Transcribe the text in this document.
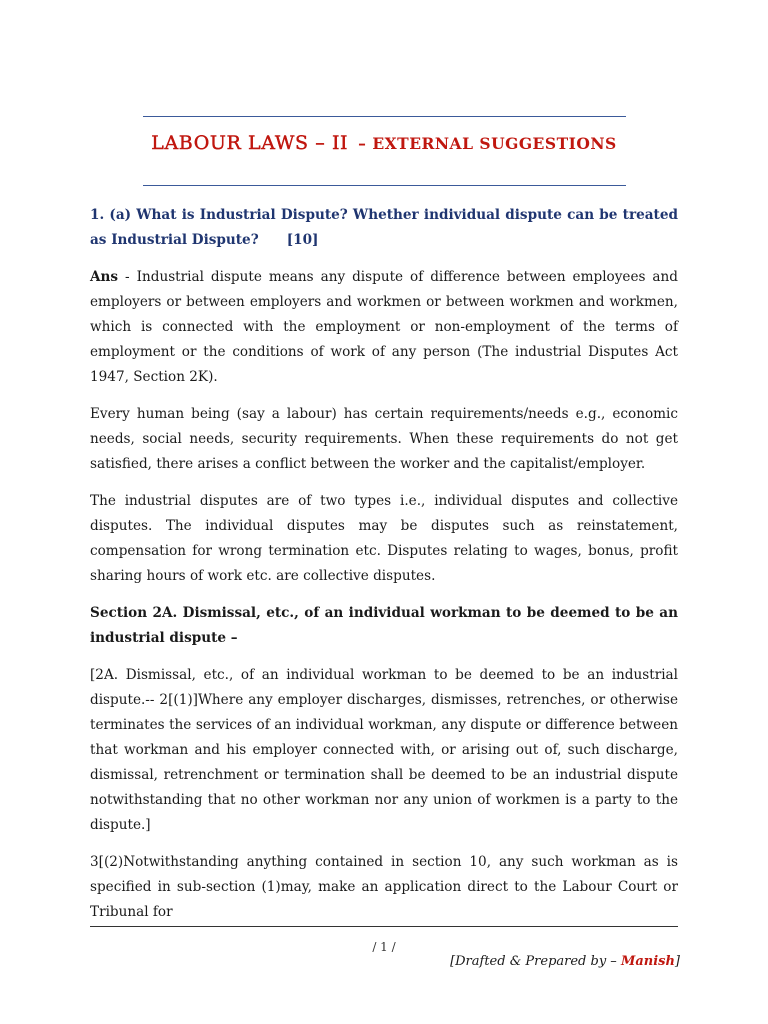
LABOUR LAWS – II – EXTERNAL SUGGESTIONS

1. (a) What is Industrial Dispute? Whether individual dispute can be treated as Industrial Dispute? [10]

Ans - Industrial dispute means any dispute of difference between employees and employers or between employers and workmen or between workmen and workmen, which is connected with the employment or non-employment of the terms of employment or the conditions of work of any person (The industrial Disputes Act 1947, Section 2K).

Every human being (say a labour) has certain requirements/needs e.g., economic needs, social needs, security requirements. When these requirements do not get satisfied, there arises a conflict between the worker and the capitalist/employer.

The industrial disputes are of two types i.e., individual disputes and collective disputes. The individual disputes may be disputes such as reinstatement, compensation for wrong termination etc. Disputes relating to wages, bonus, profit sharing hours of work etc. are collective disputes.

Section 2A. Dismissal, etc., of an individual workman to be deemed to be an industrial dispute –

[2A. Dismissal, etc., of an individual workman to be deemed to be an industrial dispute.-- 2[(1)]Where any employer discharges, dismisses, retrenches, or otherwise terminates the services of an individual workman, any dispute or difference between that workman and his employer connected with, or arising out of, such discharge, dismissal, retrenchment or termination shall be deemed to be an industrial dispute notwithstanding that no other workman nor any union of workmen is a party to the dispute.]

3[(2)Notwithstanding anything contained in section 10, any such workman as is specified in sub-section (1)may, make an application direct to the Labour Court or Tribunal for

/ 1 /
[Drafted & Prepared by – Manish]
